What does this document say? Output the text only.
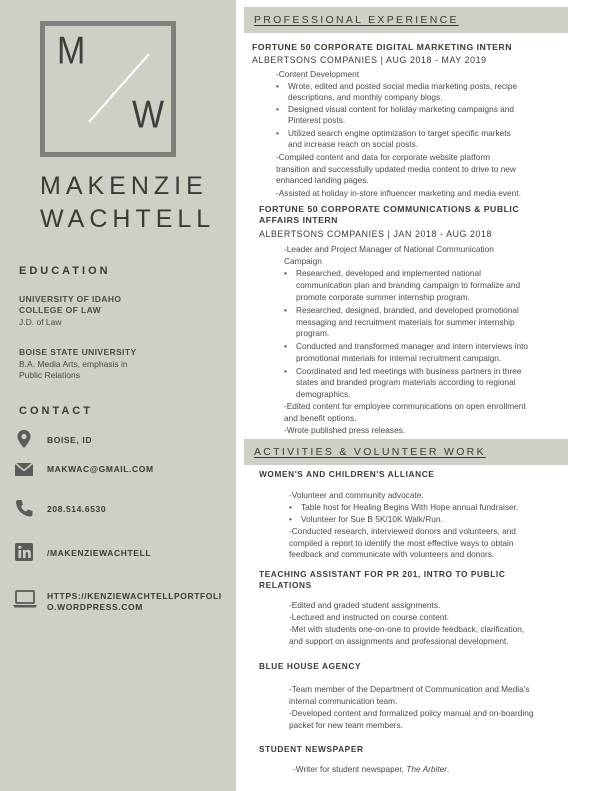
M
W
MAKENZIE
WACHTELL
EDUCATION
UNIVERSITY OF IDAHO
COLLEGE OF LAW
J.D. of Law
BOISE STATE UNIVERSITY
B.A. Media Arts, emphasis in
Public Relations
CONTACT
BOISE, ID
MAKWAC@GMAIL.COM
208.514.6530
/MAKENZIEWACHTELL
HTTPS://KENZIEWACHTELLPORTFOLI
O.WORDPRESS.COM
PROFESSIONAL EXPERIENCE
FORTUNE 50 CORPORATE DIGITAL MARKETING INTERN
ALBERTSONS COMPANIES | AUG 2018 - MAY 2019
-Content Development
• Wrote, edited and posted social media marketing posts, recipe
descriptions, and monthly company blogs.
• Designed visual content for holiday marketing campaigns and
Pinterest posts.
• Utilized search engine optimization to target specific markets
and increase reach on social posts.
-Compiled content and data for corporate website platform
transition and successfully updated media content to drive to new
enhanced landing pages.
-Assisted at holiday in-store influencer marketing and media event.
FORTUNE 50 CORPORATE COMMUNICATIONS & PUBLIC
AFFAIRS INTERN
ALBERTSONS COMPANIES | JAN 2018 - AUG 2018
-Leader and Project Manager of National Communication
Campaign
• Researched, developed and implemented national
communication plan and branding campaign to formalize and
promote corporate summer internship program.
• Researched, designed, branded, and developed promotional
messaging and recruitment materials for summer internship
program.
• Conducted and transformed manager and intern interviews into
promotional materials for internal recruitment campaign.
• Coordinated and led meetings with business partners in three
states and branded program materials according to regional
demographics.
-Edited content for employee communications on open enrollment
and benefit options.
-Wrote published press releases.
ACTIVITIES & VOLUNTEER WORK
WOMEN'S AND CHILDREN'S ALLIANCE
-Volunteer and community advocate.
• Table host for Healing Begins With Hope annual fundraiser.
• Volunteer for Sue B 5K/10K Walk/Run.
-Conducted research, interviewed donors and volunteers, and
compiled a report to identify the most effective ways to obtain
feedback and communicate with volunteers and donors.
TEACHING ASSISTANT FOR PR 201, INTRO TO PUBLIC
RELATIONS
-Edited and graded student assignments.
-Lectured and instructed on course content.
-Met with students one-on-one to provide feedback, clarification,
and support on assignments and professional development.
BLUE HOUSE AGENCY
-Team member of the Department of Communication and Media's
internal communication team.
-Developed content and formalized policy manual and on-boarding
packet for new team members.
STUDENT NEWSPAPER
-Writer for student newspaper, The Arbiter.
